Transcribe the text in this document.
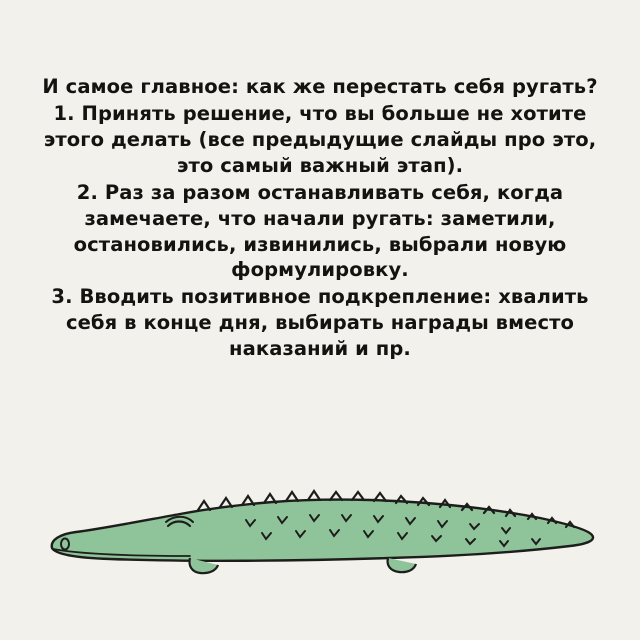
И самое главное: как же перестать себя ругать?

1. Принять решение, что вы больше не хотите этого делать (все предыдущие слайды про это, это самый важный этап).

2. Раз за разом останавливать себя, когда замечаете, что начали ругать: заметили, остановились, извинились, выбрали новую формулировку.

3. Вводить позитивное подкрепление: хвалить себя в конце дня, выбирать награды вместо наказаний и пр.
